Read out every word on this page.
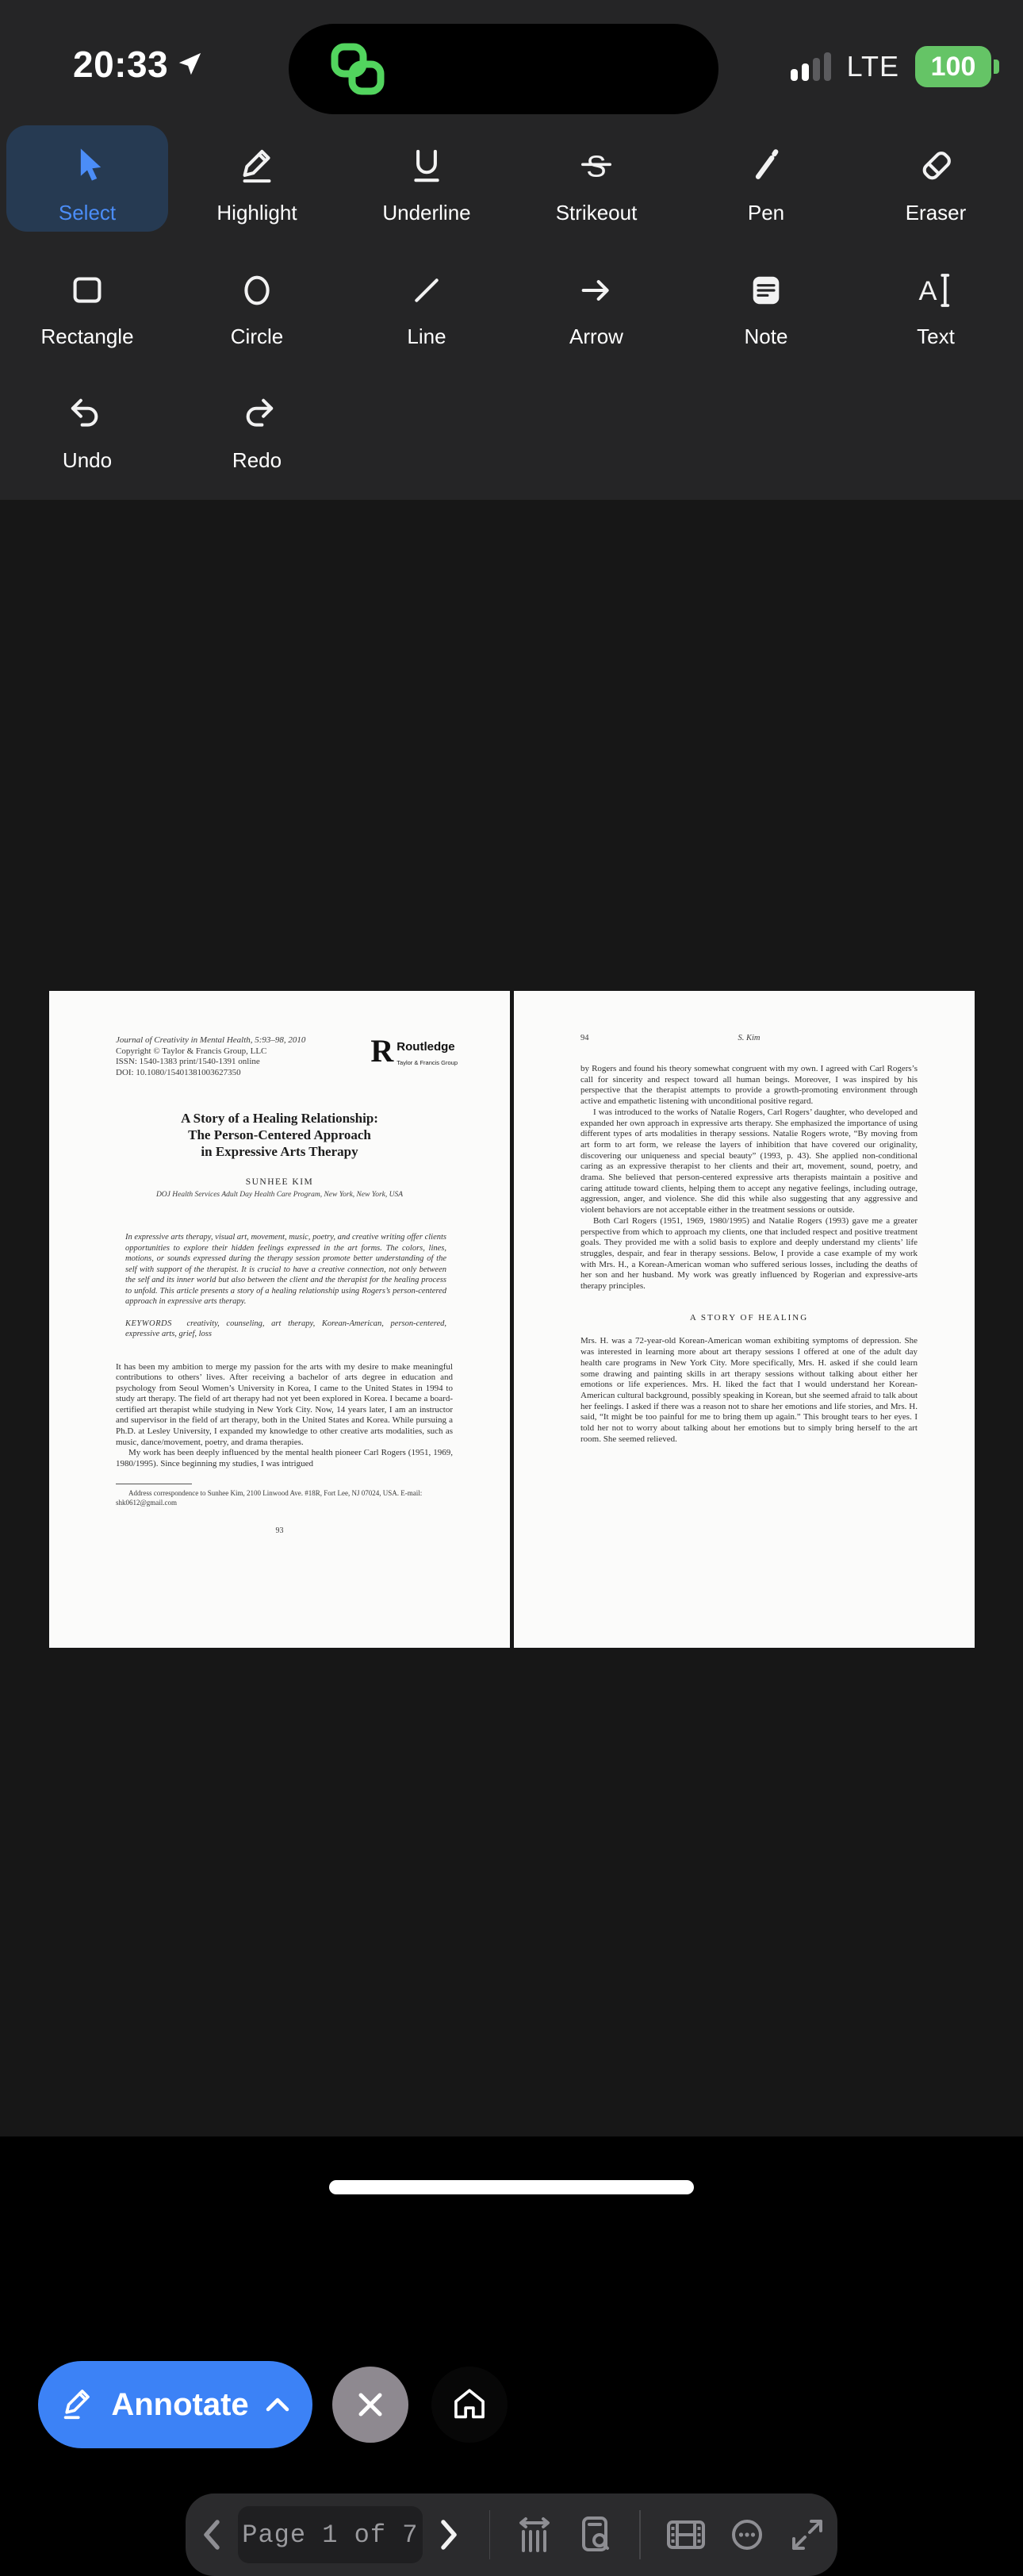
20:33	LTE 100
Select	Highlight	Underline
S
Strikeout	Pen	Eraser
Rectangle	Circle	Line	Arrow	Note
A
Text
Undo	Redo
Journal of Creativity in Mental Health, 5:93–98, 2010
Copyright © Taylor & Francis Group, LLC
ISSN: 1540-1383 print/1540-1391 online
DOI: 10.1080/15401381003627350
R Routledge
Taylor & Francis Group
A Story of a Healing Relationship:
The Person-Centered Approach
in Expressive Arts Therapy
SUNHEE KIM
DOJ Health Services Adult Day Health Care Program, New York, New York, USA
In expressive arts therapy, visual art, movement, music, poetry, and creative writing offer clients opportunities to explore their hidden feelings expressed in the art forms. The colors, lines, motions, or sounds expressed during the therapy session promote better understanding of the self with support of the therapist. It is crucial to have a creative connection, not only between the self and its inner world but also between the client and the therapist for the healing process to unfold. This article presents a story of a healing relationship using Rogers’s person-centered approach in expressive arts therapy.
KEYWORDS creativity, counseling, art therapy, Korean-American, person-centered, expressive arts, grief, loss

It has been my ambition to merge my passion for the arts with my desire to make meaningful contributions to others’ lives. After receiving a bachelor of arts degree in education and psychology from Seoul Women’s University in Korea, I came to the United States in 1994 to study art therapy. The field of art therapy had not yet been explored in Korea. I became a board-certified art therapist while studying in New York City. Now, 14 years later, I am an instructor and supervisor in the field of art therapy, both in the United States and Korea. While pursuing a Ph.D. at Lesley University, I expanded my knowledge to other creative arts modalities, such as music, dance/movement, poetry, and drama therapies.

My work has been deeply influenced by the mental health pioneer Carl Rogers (1951, 1969, 1980/1995). Since beginning my studies, I was intrigued

Address correspondence to Sunhee Kim, 2100 Linwood Ave. #18R, Fort Lee, NJ 07024, USA. E-mail: shk0612@gmail.com
93
94	S. Kim

by Rogers and found his theory somewhat congruent with my own. I agreed with Carl Rogers’s call for sincerity and respect toward all human beings. Moreover, I was inspired by his perspective that the therapist attempts to provide a growth-promoting environment through active and empathetic listening with unconditional positive regard.

I was introduced to the works of Natalie Rogers, Carl Rogers’ daughter, who developed and expanded her own approach in expressive arts therapy. She emphasized the importance of using different types of arts modalities in therapy sessions. Natalie Rogers wrote, “By moving from art form to art form, we release the layers of inhibition that have covered our originality, discovering our uniqueness and special beauty” (1993, p. 43). She applied non-conditional caring as an expressive therapist to her clients and their art, movement, sound, poetry, and drama. She believed that person-centered expressive arts therapists maintain a positive and caring attitude toward clients, helping them to accept any negative feelings, including outrage, aggression, anger, and violence. She did this while also suggesting that any aggressive and violent behaviors are not acceptable either in the treatment sessions or outside.

Both Carl Rogers (1951, 1969, 1980/1995) and Natalie Rogers (1993) gave me a greater perspective from which to approach my clients, one that included respect and positive treatment goals. They provided me with a solid basis to explore and deeply understand my clients’ life struggles, despair, and fear in therapy sessions. Below, I provide a case example of my work with Mrs. H., a Korean-American woman who suffered serious losses, including the deaths of her son and her husband. My work was greatly influenced by Rogerian and expressive-arts therapy principles.

A STORY OF HEALING

Mrs. H. was a 72-year-old Korean-American woman exhibiting symptoms of depression. She was interested in learning more about art therapy sessions I offered at one of the adult day health care programs in New York City. More specifically, Mrs. H. asked if she could learn some drawing and painting skills in art therapy sessions without talking about either her emotions or life experiences. Mrs. H. liked the fact that I would understand her Korean-American cultural background, possibly speaking in Korean, but she seemed afraid to talk about her feelings. I asked if there was a reason not to share her emotions and life stories, and Mrs. H. said, “It might be too painful for me to bring them up again.” This brought tears to her eyes. I told her not to worry about talking about her emotions but to simply bring herself to the art room. She seemed relieved.

Annotate
Page 1 of 7
